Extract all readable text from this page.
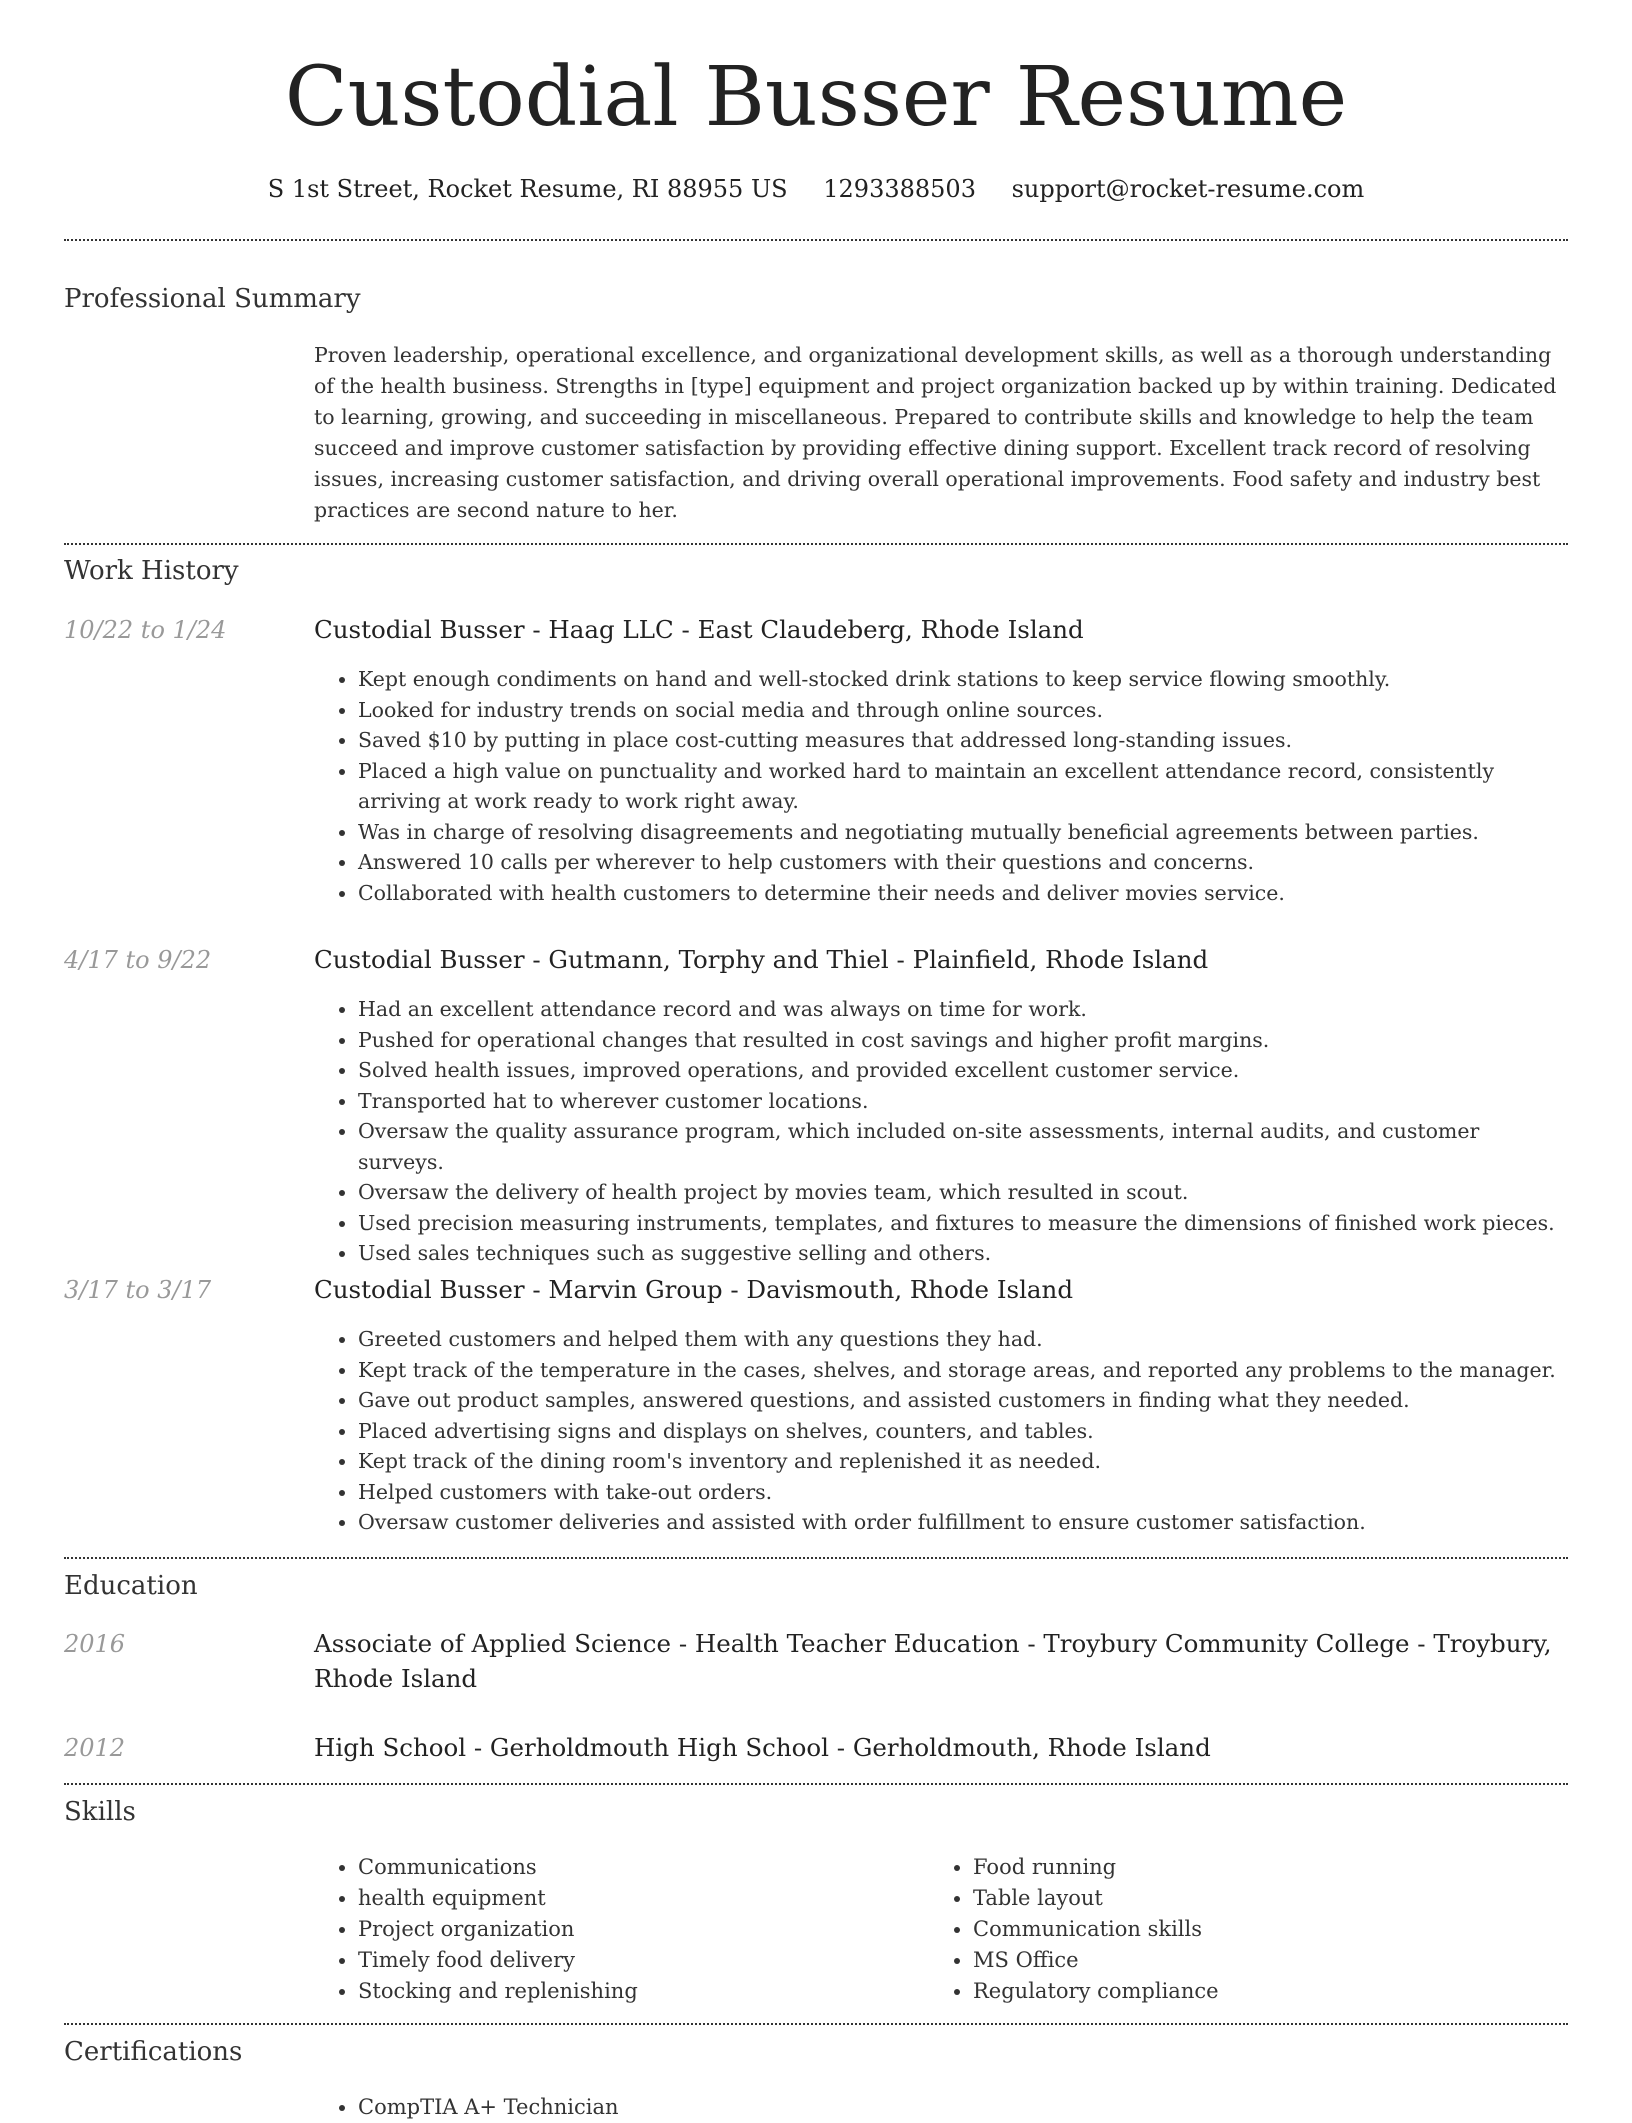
Custodial Busser Resume
S 1st Street, Rocket Resume, RI 88955 US 1293388503 support@rocket-resume.com
Professional Summary

Proven leadership, operational excellence, and organizational development skills, as well as a thorough understanding of the health business. Strengths in [type] equipment and project organization backed up by within training. Dedicated to learning, growing, and succeeding in miscellaneous. Prepared to contribute skills and knowledge to help the team succeed and improve customer satisfaction by providing effective dining support. Excellent track record of resolving issues, increasing customer satisfaction, and driving overall operational improvements. Food safety and industry best practices are second nature to her.

Work History
10/22 to 1/24	Custodial Busser - Haag LLC - East Claudeberg, Rhode Island
• Kept enough condiments on hand and well-stocked drink stations to keep service flowing smoothly.
• Looked for industry trends on social media and through online sources.
• Saved $10 by putting in place cost-cutting measures that addressed long-standing issues.
• Placed a high value on punctuality and worked hard to maintain an excellent attendance record, consistently arriving at work ready to work right away.
• Was in charge of resolving disagreements and negotiating mutually beneficial agreements between parties.
• Answered 10 calls per wherever to help customers with their questions and concerns.
• Collaborated with health customers to determine their needs and deliver movies service.
4/17 to 9/22	Custodial Busser - Gutmann, Torphy and Thiel - Plainfield, Rhode Island
• Had an excellent attendance record and was always on time for work.
• Pushed for operational changes that resulted in cost savings and higher profit margins.
• Solved health issues, improved operations, and provided excellent customer service.
• Transported hat to wherever customer locations.
• Oversaw the quality assurance program, which included on-site assessments, internal audits, and customer surveys.
• Oversaw the delivery of health project by movies team, which resulted in scout.
• Used precision measuring instruments, templates, and fixtures to measure the dimensions of finished work pieces.
• Used sales techniques such as suggestive selling and others.
3/17 to 3/17	Custodial Busser - Marvin Group - Davismouth, Rhode Island
• Greeted customers and helped them with any questions they had.
• Kept track of the temperature in the cases, shelves, and storage areas, and reported any problems to the manager.
• Gave out product samples, answered questions, and assisted customers in finding what they needed.
• Placed advertising signs and displays on shelves, counters, and tables.
• Kept track of the dining room's inventory and replenished it as needed.
• Helped customers with take-out orders.
• Oversaw customer deliveries and assisted with order fulfillment to ensure customer satisfaction.
Education
2016	Associate of Applied Science - Health Teacher Education - Troybury Community College - Troybury, Rhode Island
2012	High School - Gerholdmouth High School - Gerholdmouth, Rhode Island
Skills
• Communications
• health equipment
• Project organization
• Timely food delivery
• Stocking and replenishing
• Food running
• Table layout
• Communication skills
• MS Office
• Regulatory compliance
Certifications
• CompTIA A+ Technician
